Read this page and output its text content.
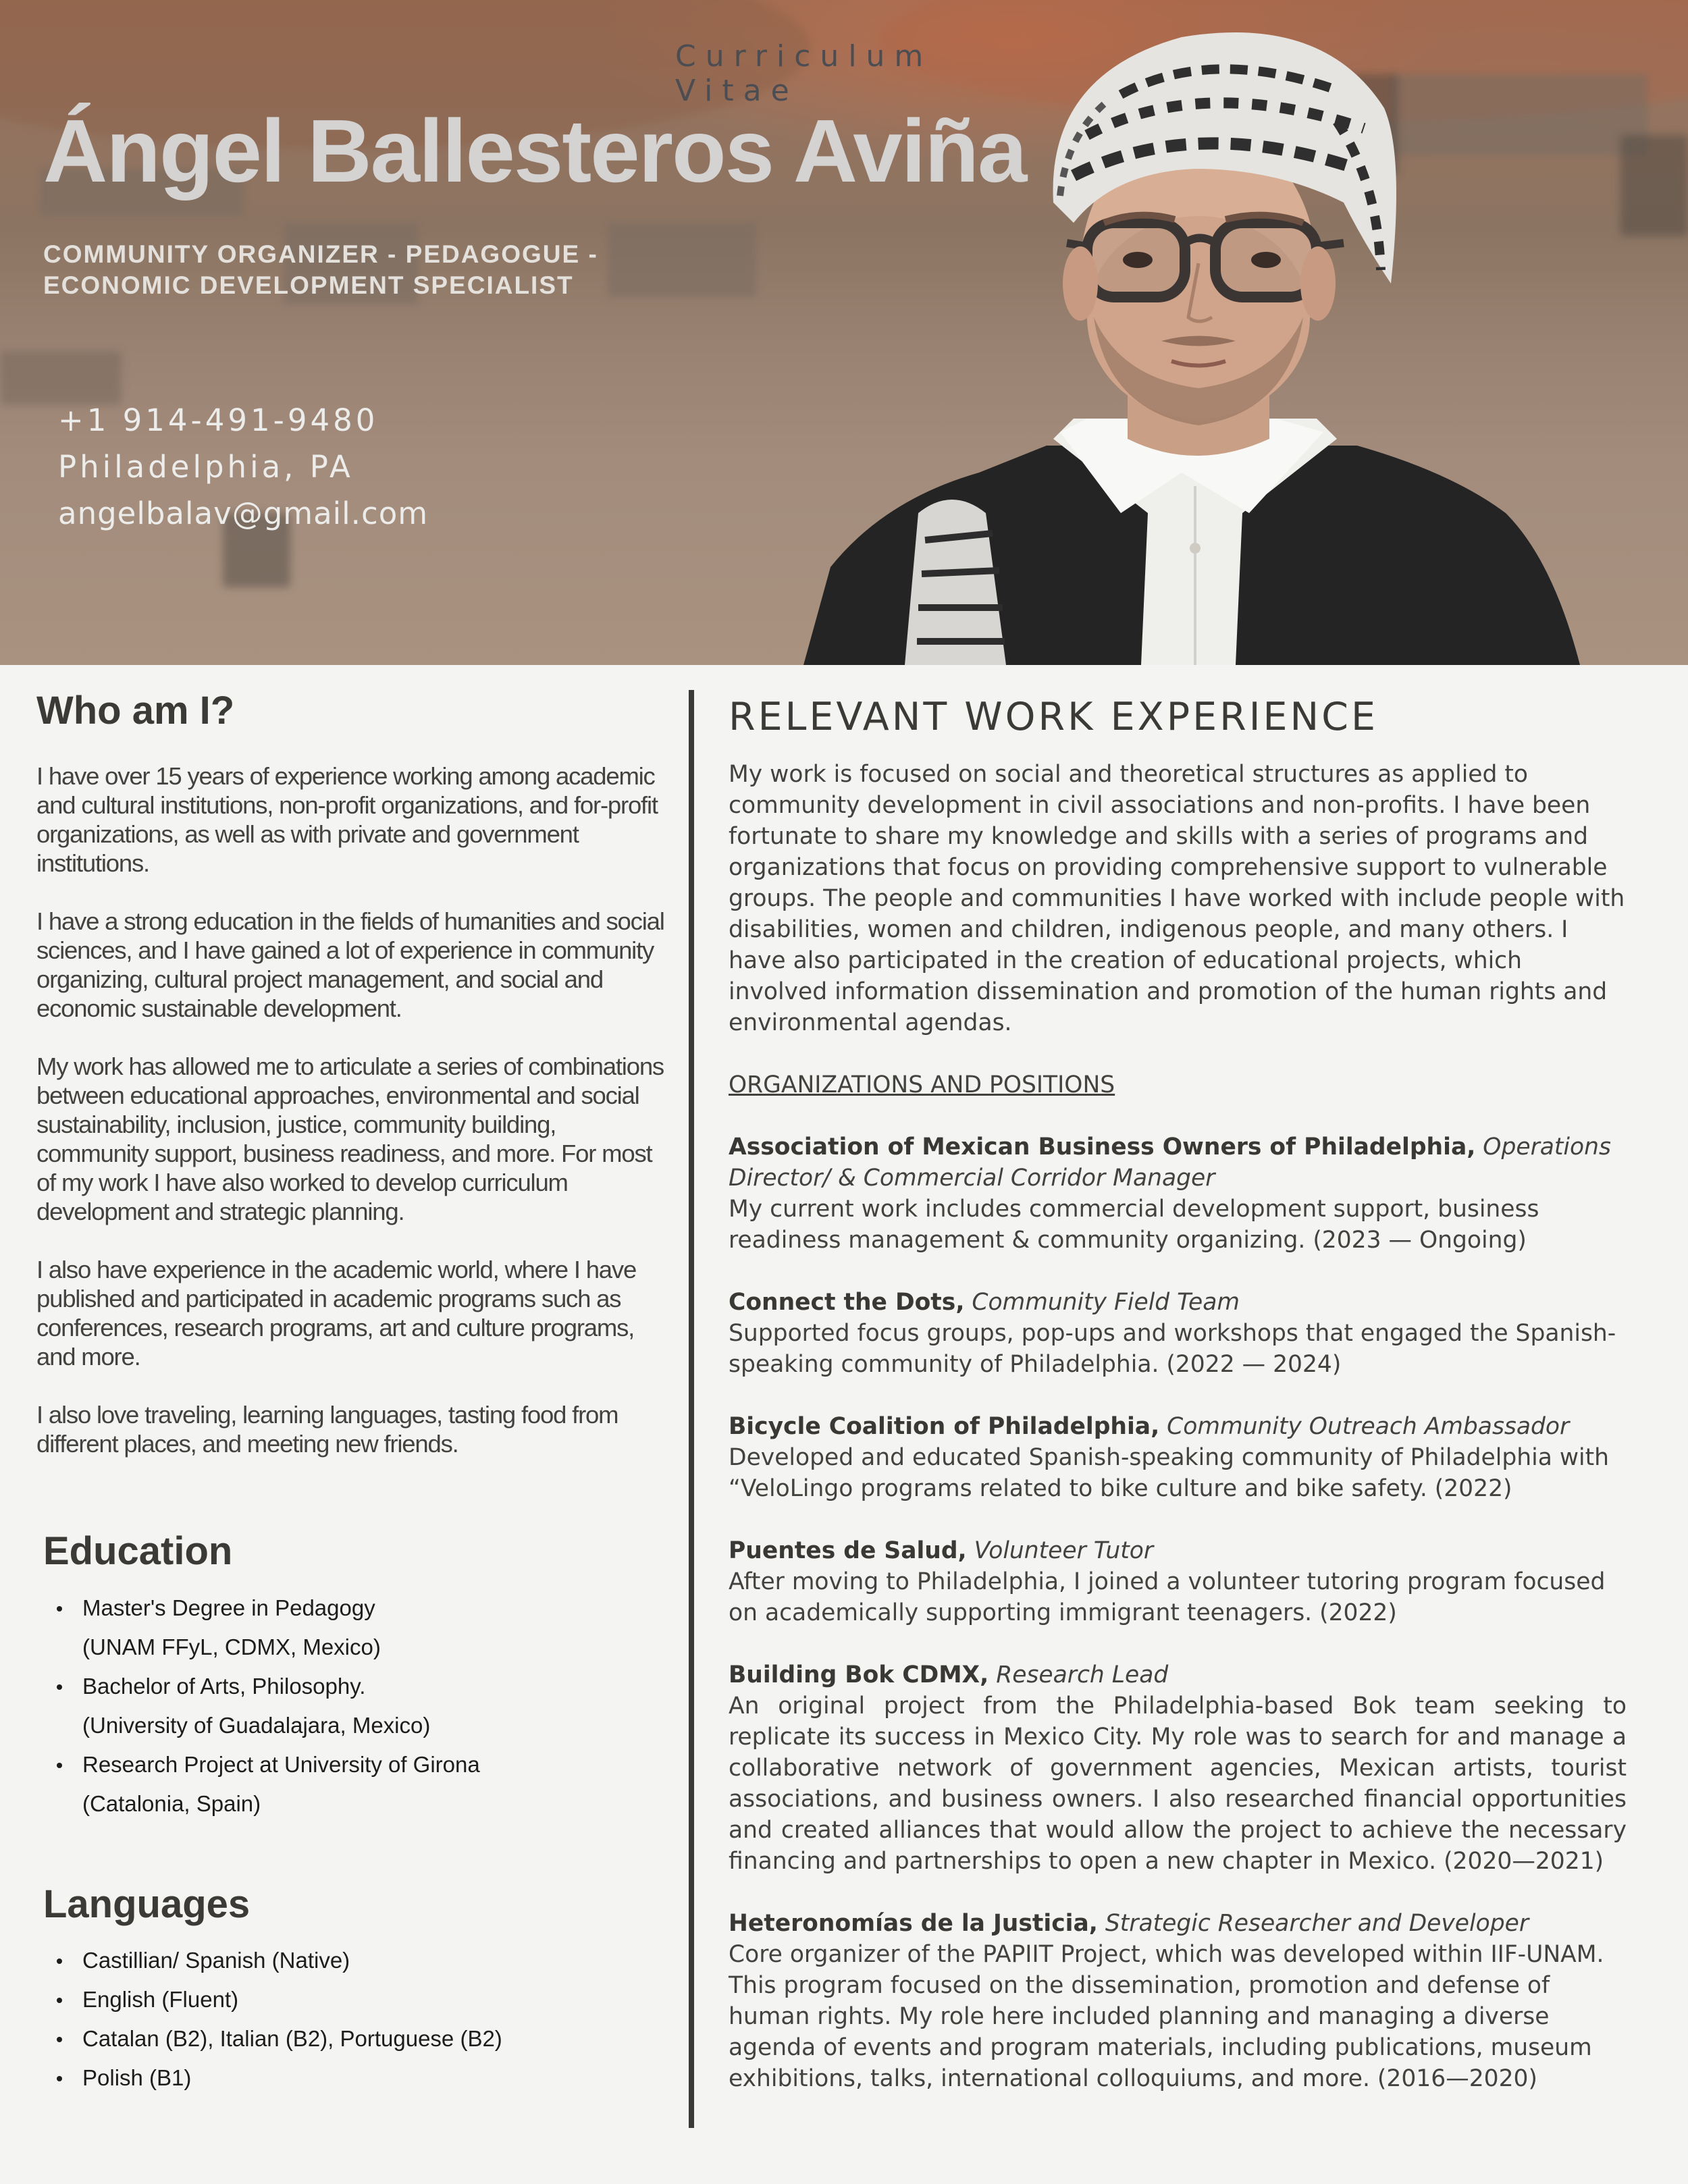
Curriculum Vitae
Ángel Ballesteros Aviña
COMMUNITY ORGANIZER - PEDAGOGUE -
ECONOMIC DEVELOPMENT SPECIALIST
+1 914-491-9480
Philadelphia, PA
angelbalav@gmail.com
Who am I?

I have over 15 years of experience working among academic and cultural institutions, non-profit organizations, and for-profit organizations, as well as with private and government institutions.

I have a strong education in the fields of humanities and social sciences, and I have gained a lot of experience in community organizing, cultural project management, and social and economic sustainable development.

My work has allowed me to articulate a series of combinations between educational approaches, environmental and social sustainability, inclusion, justice, community building, community support, business readiness, and more. For most of my work I have also worked to develop curriculum development and strategic planning.

I also have experience in the academic world, where I have published and participated in academic programs such as conferences, research programs, art and culture programs, and more.

I also love traveling, learning languages, tasting food from different places, and meeting new friends.

Education
Master's Degree in Pedagogy
(UNAM FFyL, CDMX, Mexico)
Bachelor of Arts, Philosophy.
(University of Guadalajara, Mexico)
Research Project at University of Girona
(Catalonia, Spain)
Languages
Castillian/ Spanish (Native)
English (Fluent)
Catalan (B2), Italian (B2), Portuguese (B2)
Polish (B1)
RELEVANT WORK EXPERIENCE

My work is focused on social and theoretical structures as applied to community development in civil associations and non-profits. I have been fortunate to share my knowledge and skills with a series of programs and organizations that focus on providing comprehensive support to vulnerable groups. The people and communities I have worked with include people with disabilities, women and children, indigenous people, and many others. I have also participated in the creation of educational projects, which involved information dissemination and promotion of the human rights and environmental agendas.

ORGANIZATIONS AND POSITIONS

Association of Mexican Business Owners of Philadelphia, Operations Director/ & Commercial Corridor Manager
My current work includes commercial development support, business readiness management & community organizing. (2023 — Ongoing)
Connect the Dots, Community Field Team
Supported focus groups, pop-ups and workshops that engaged the Spanish-speaking community of Philadelphia. (2022 — 2024)
Bicycle Coalition of Philadelphia, Community Outreach Ambassador
Developed and educated Spanish-speaking community of Philadelphia with “VeloLingo programs related to bike culture and bike safety. (2022)
Puentes de Salud, Volunteer Tutor
After moving to Philadelphia, I joined a volunteer tutoring program focused on academically supporting immigrant teenagers. (2022)
Building Bok CDMX, Research Lead
An original project from the Philadelphia-based Bok team seeking to replicate its success in Mexico City. My role was to search for and manage a collaborative network of government agencies, Mexican artists, tourist associations, and business owners. I also researched financial opportunities and created alliances that would allow the project to achieve the necessary financing and partnerships to open a new chapter in Mexico. (2020—2021)
Heteronomías de la Justicia, Strategic Researcher and Developer
Core organizer of the PAPIIT Project, which was developed within IIF-UNAM. This program focused on the dissemination, promotion and defense of human rights. My role here included planning and managing a diverse agenda of events and program materials, including publications, museum exhibitions, talks, international colloquiums, and more. (2016—2020)
